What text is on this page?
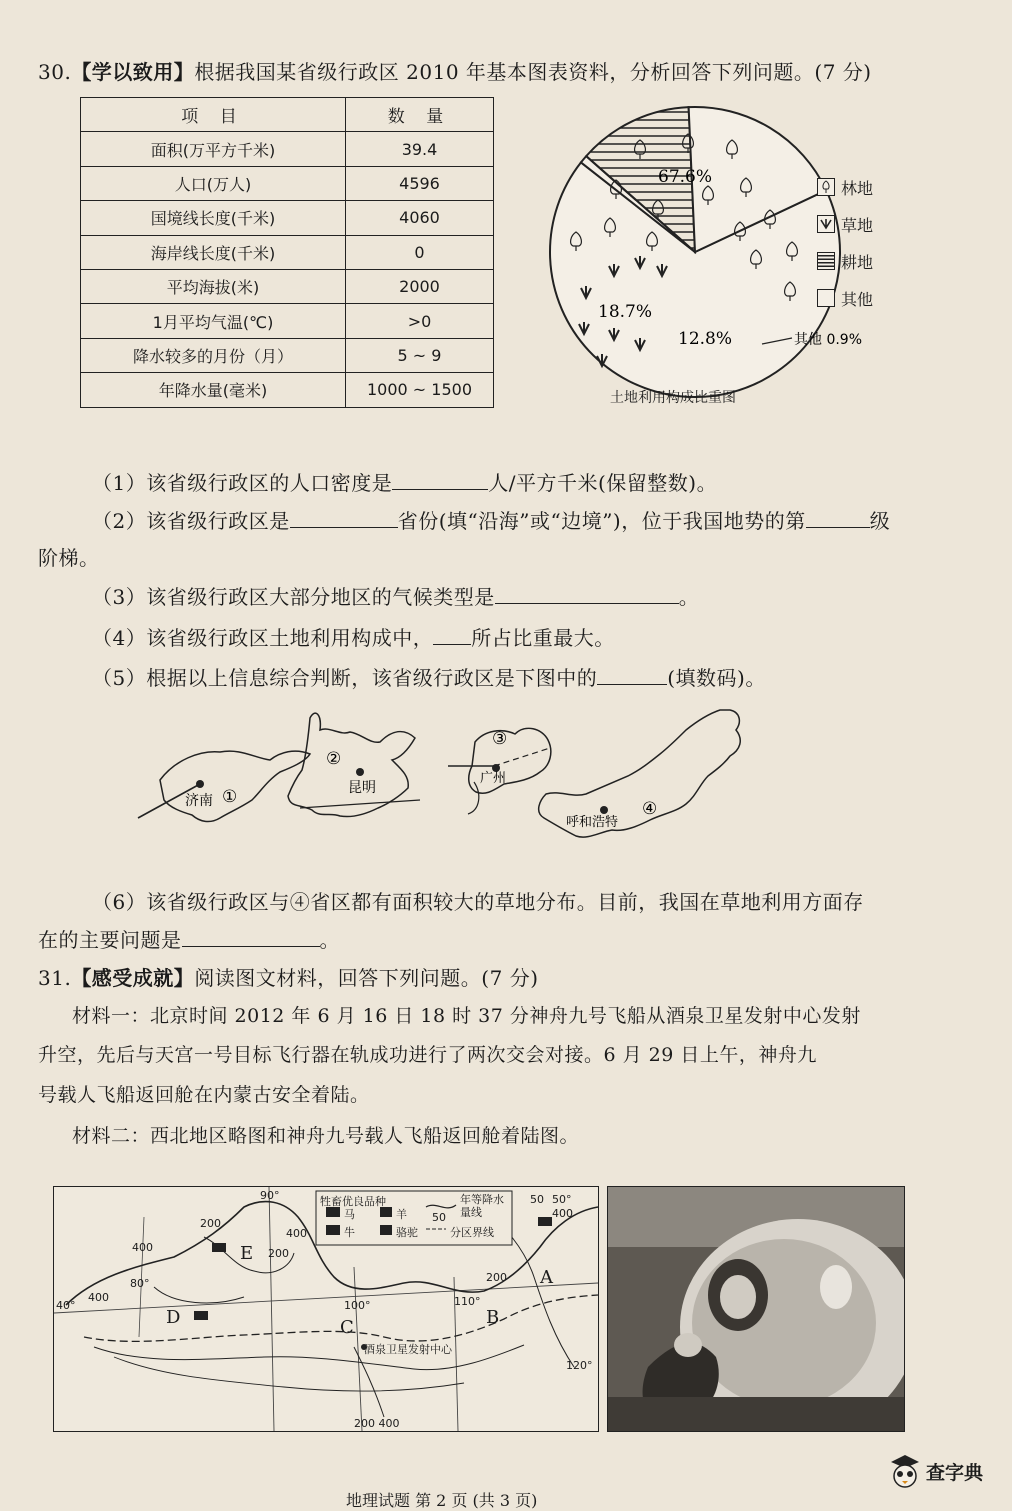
30.【学以致用】根据我国某省级行政区 2010 年基本图表资料，分析回答下列问题。(7 分)
项 目	数 量
面积(万平方千米)	39.4
人口(万人)	4596
国境线长度(千米)	4060
海岸线长度(千米)	0
平均海拔(米)	2000
1月平均气温(℃)	>0
降水较多的月份（月）	5 ~ 9
年降水量(毫米)	1000 ~ 1500
67.6%
18.7%
12.8%	其他 0.9%
林地
草地
耕地
其他
土地利用构成比重图
（1）该省级行政区的人口密度是	人/平方千米(保留整数)。
（2）该省级行政区是	省份(填“沿海”或“边境”)，位于我国地势的第	级
阶梯。
（3）该省级行政区大部分地区的气候类型是	。
（4）该省级行政区土地利用构成中， 所占比重最大。
（5）根据以上信息综合判断，该省级行政区是下图中的	(填数码)。
济南 ①
②
昆明
广州
③
呼和浩特
④
（6）该省级行政区与④省区都有面积较大的草地分布。目前，我国在草地利用方面存
在的主要问题是	。
31.【感受成就】阅读图文材料，回答下列问题。(7 分)
材料一：北京时间 2012 年 6 月 16 日 18 时 37 分神舟九号飞船从酒泉卫星发射中心发射
升空，先后与天宫一号目标飞行器在轨成功进行了两次交会对接。6 月 29 日上午，神舟九
号载人飞船返回舱在内蒙古安全着陆。
材料二：西北地区略图和神舟九号载人飞船返回舱着陆图。
牲畜优良品种
马	羊
牛	骆驼
50
年等降水量线
分区界线
A
B
C
D
E
酒泉卫星发射中心
200
90°
400	200
400
80°
40°
400
200
100°	110°
50
400
120°
50°
200 400
地理试题 第 2 页 (共 3 页)
查字典
